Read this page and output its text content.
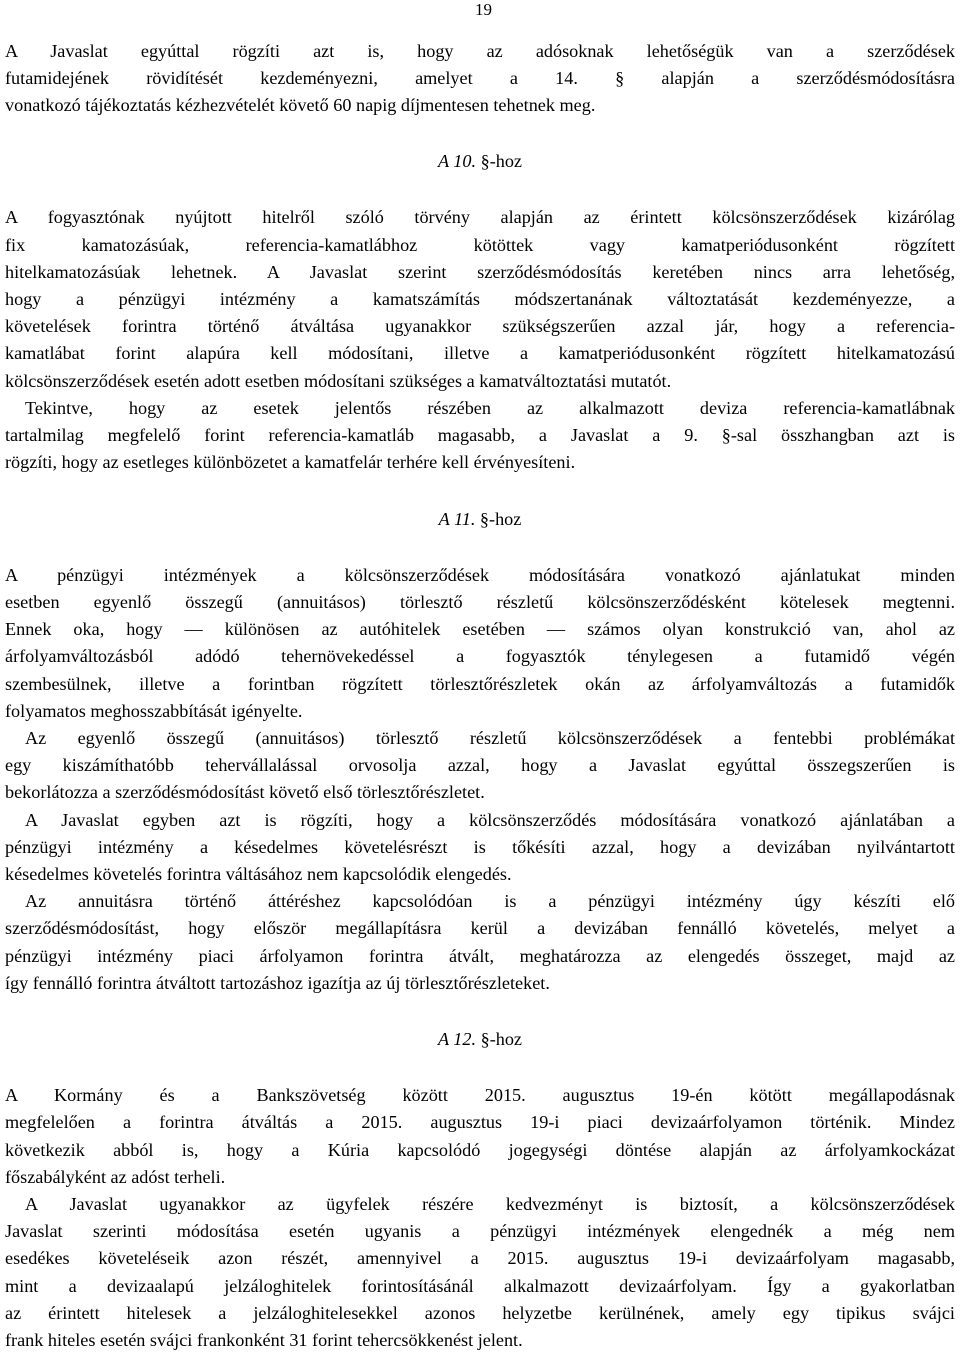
19
A Javaslat egyúttal rögzíti azt is, hogy az adósoknak lehetőségük van a szerződések
futamidejének rövidítését kezdeményezni, amelyet a 14. § alapján a szerződésmódosításra
vonatkozó tájékoztatás kézhezvételét követő 60 napig díjmentesen tehetnek meg.
A 10. §-hoz
A fogyasztónak nyújtott hitelről szóló törvény alapján az érintett kölcsönszerződések kizárólag
fix kamatozásúak, referencia-kamatlábhoz kötöttek vagy kamatperiódusonként rögzített
hitelkamatozásúak lehetnek. A Javaslat szerint szerződésmódosítás keretében nincs arra lehetőség,
hogy a pénzügyi intézmény a kamatszámítás módszertanának változtatását kezdeményezze, a
követelések forintra történő átváltása ugyanakkor szükségszerűen azzal jár, hogy a referencia-
kamatlábat forint alapúra kell módosítani, illetve a kamatperiódusonként rögzített hitelkamatozású
kölcsönszerződések esetén adott esetben módosítani szükséges a kamatváltoztatási mutatót.
Tekintve, hogy az esetek jelentős részében az alkalmazott deviza referencia-kamatlábnak
tartalmilag megfelelő forint referencia-kamatláb magasabb, a Javaslat a 9. §-sal összhangban azt is
rögzíti, hogy az esetleges különbözetet a kamatfelár terhére kell érvényesíteni.
A 11. §-hoz
A pénzügyi intézmények a kölcsönszerződések módosítására vonatkozó ajánlatukat minden
esetben egyenlő összegű (annuitásos) törlesztő részletű kölcsönszerződésként kötelesek megtenni.
Ennek oka, hogy ― különösen az autóhitelek esetében ― számos olyan konstrukció van, ahol az
árfolyamváltozásból adódó tehernövekedéssel a fogyasztók ténylegesen a futamidő végén
szembesülnek, illetve a forintban rögzített törlesztőrészletek okán az árfolyamváltozás a futamidők
folyamatos meghosszabbítását igényelte.
Az egyenlő összegű (annuitásos) törlesztő részletű kölcsönszerződések a fentebbi problémákat
egy kiszámíthatóbb tehervállalással orvosolja azzal, hogy a Javaslat egyúttal összegszerűen is
bekorlátozza a szerződésmódosítást követő első törlesztőrészletet.
A Javaslat egyben azt is rögzíti, hogy a kölcsönszerződés módosítására vonatkozó ajánlatában a
pénzügyi intézmény a késedelmes követelésrészt is tőkésíti azzal, hogy a devizában nyilvántartott
késedelmes követelés forintra váltásához nem kapcsolódik elengedés.
Az annuitásra történő áttéréshez kapcsolódóan is a pénzügyi intézmény úgy készíti elő
szerződésmódosítást, hogy először megállapításra kerül a devizában fennálló követelés, melyet a
pénzügyi intézmény piaci árfolyamon forintra átvált, meghatározza az elengedés összeget, majd az
így fennálló forintra átváltott tartozáshoz igazítja az új törlesztőrészleteket.
A 12. §-hoz
A Kormány és a Bankszövetség között 2015. augusztus 19-én kötött megállapodásnak
megfelelően a forintra átváltás a 2015. augusztus 19-i piaci devizaárfolyamon történik. Mindez
következik abból is, hogy a Kúria kapcsolódó jogegységi döntése alapján az árfolyamkockázat
főszabályként az adóst terheli.
A Javaslat ugyanakkor az ügyfelek részére kedvezményt is biztosít, a kölcsönszerződések
Javaslat szerinti módosítása esetén ugyanis a pénzügyi intézmények elengednék a még nem
esedékes követeléseik azon részét, amennyivel a 2015. augusztus 19-i devizaárfolyam magasabb,
mint a devizaalapú jelzáloghitelek forintosításánál alkalmazott devizaárfolyam. Így a gyakorlatban
az érintett hitelesek a jelzáloghitelesekkel azonos helyzetbe kerülnének, amely egy tipikus svájci
frank hiteles esetén svájci frankonként 31 forint tehercsökkenést jelent.
